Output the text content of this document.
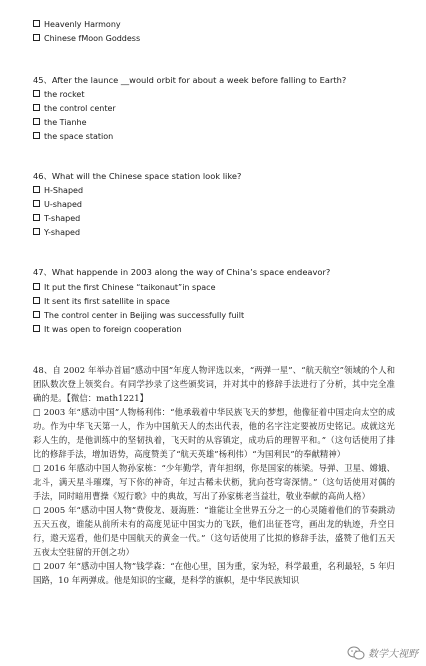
Heavenly Harmony
Chinese fMoon Goddess
45、After the launce __would orbit for about a week before falling to Earth?
the rocket
the control center
the Tianhe
the space station
46、What will the Chinese space station look like?
H-Shaped
U-shaped
T-shaped
Y-shaped
47、What happende in 2003 along the way of China’s space endeavor?
It put the first Chinese “taikonaut”in space
It sent its first satellite in space
The control center in Beijing was successfully fuilt
It was open to foreign cooperation

48、自 2002 年举办首届“感动中国”年度人物评选以来，“两弹一星”、“航天航空”领域的个人和团队数次登上领奖台。有同学抄录了这些颁奖词，并对其中的修辞手法进行了分析，其中完全准确的是。【微信：math1221】

□ 2003 年“感动中国”人物杨利伟：“他承载着中华民族飞天的梦想，他像征着中国走向太空的成功。作为中华飞天第一人，作为中国航天人的杰出代表，他的名字注定要被历史铭记。成就这光彩人生的，是他训练中的坚韧执着，飞天时的从容镇定，成功后的理智平和。”（这句话使用了排比的修辞手法，增加语势，高度赞美了“航天英雄”杨利伟）“为国利民”的奉献精神）

□ 2016 年感动中国人物孙家栋：“少年勤学，青年担纲，你是国家的栋梁。导弹、卫星、嫦娥、北斗，满天星斗璀璨，写下你的神奇，年过古稀未伏枥，犹向苍穹寄深情。”（这句话使用对偶的手法，同时暗用曹操《短行歌》中的典故，写出了孙家栋老当益壮，敬业奉献的高尚人格）

□ 2005 年“感动中国人物”费俊龙、聂海胜：“谁能让全世界五分之一的心灵随着他们的节奏跳动五天五夜，谁能从前所未有的高度见证中国实力的飞跃，他们出征苍穹，画出龙的轨迹，升空日行，遨天巡看，他们是中国航天的黄金一代。”（这句话使用了比拟的修辞手法，盛赞了他们五天五夜太空驻留的开创之功）

□ 2007 年“感动中国人物”钱学森：“在他心里，国为重，家为轻，科学最重，名利最轻，5 年归国路，10 年两弹成。他是知识的宝藏，是科学的旗帜，是中华民族知识

数学大视野
